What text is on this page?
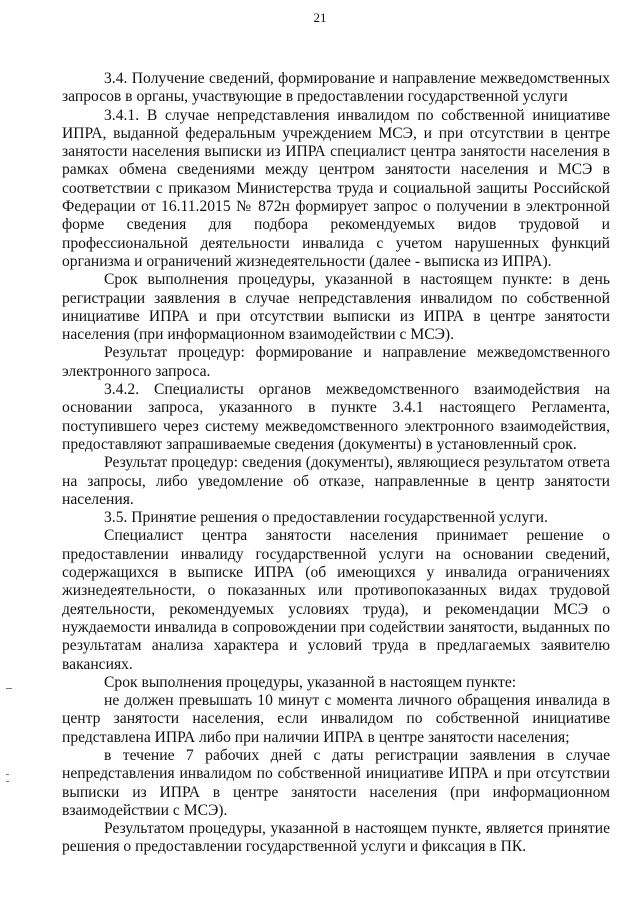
21

3.4. Получение сведений, формирование и направление межведомственных запросов в органы, участвующие в предоставлении государственной услуги

3.4.1. В случае непредставления инвалидом по собственной инициативе ИПРА, выданной федеральным учреждением МСЭ, и при отсутствии в центре занятости населения выписки из ИПРА специалист центра занятости населения в рамках обмена сведениями между центром занятости населения и МСЭ в соответствии с приказом Министерства труда и социальной защиты Российской Федерации от 16.11.2015 № 872н формирует запрос о получении в электронной форме сведения для подбора рекомендуемых видов трудовой и профессиональной деятельности инвалида с учетом нарушенных функций организма и ограничений жизнедеятельности (далее - выписка из ИПРА).

Срок выполнения процедуры, указанной в настоящем пункте: в день регистрации заявления в случае непредставления инвалидом по собственной инициативе ИПРА и при отсутствии выписки из ИПРА в центре занятости населения (при информационном взаимодействии с МСЭ).

Результат процедур: формирование и направление межведомственного электронного запроса.

3.4.2. Специалисты органов межведомственного взаимодействия на основании запроса, указанного в пункте 3.4.1 настоящего Регламента, поступившего через систему межведомственного электронного взаимодействия, предоставляют запрашиваемые сведения (документы) в установленный срок.

Результат процедур: сведения (документы), являющиеся результатом ответа на запросы, либо уведомление об отказе, направленные в центр занятости населения.

3.5. Принятие решения о предоставлении государственной услуги.

Специалист центра занятости населения принимает решение о предоставлении инвалиду государственной услуги на основании сведений, содержащихся в выписке ИПРА (об имеющихся у инвалида ограничениях жизнедеятельности, о показанных или противопоказанных видах трудовой деятельности, рекомендуемых условиях труда), и рекомендации МСЭ о нуждаемости инвалида в сопровождении при содействии занятости, выданных по результатам анализа характера и условий труда в предлагаемых заявителю вакансиях.

Срок выполнения процедуры, указанной в настоящем пункте:

не должен превышать 10 минут с момента личного обращения инвалида в центр занятости населения, если инвалидом по собственной инициативе представлена ИПРА либо при наличии ИПРА в центре занятости населения;

в течение 7 рабочих дней с даты регистрации заявления в случае непредставления инвалидом по собственной инициативе ИПРА и при отсутствии выписки из ИПРА в центре занятости населения (при информационном взаимодействии с МСЭ).

Результатом процедуры, указанной в настоящем пункте, является принятие решения о предоставлении государственной услуги и фиксация в ПК.
